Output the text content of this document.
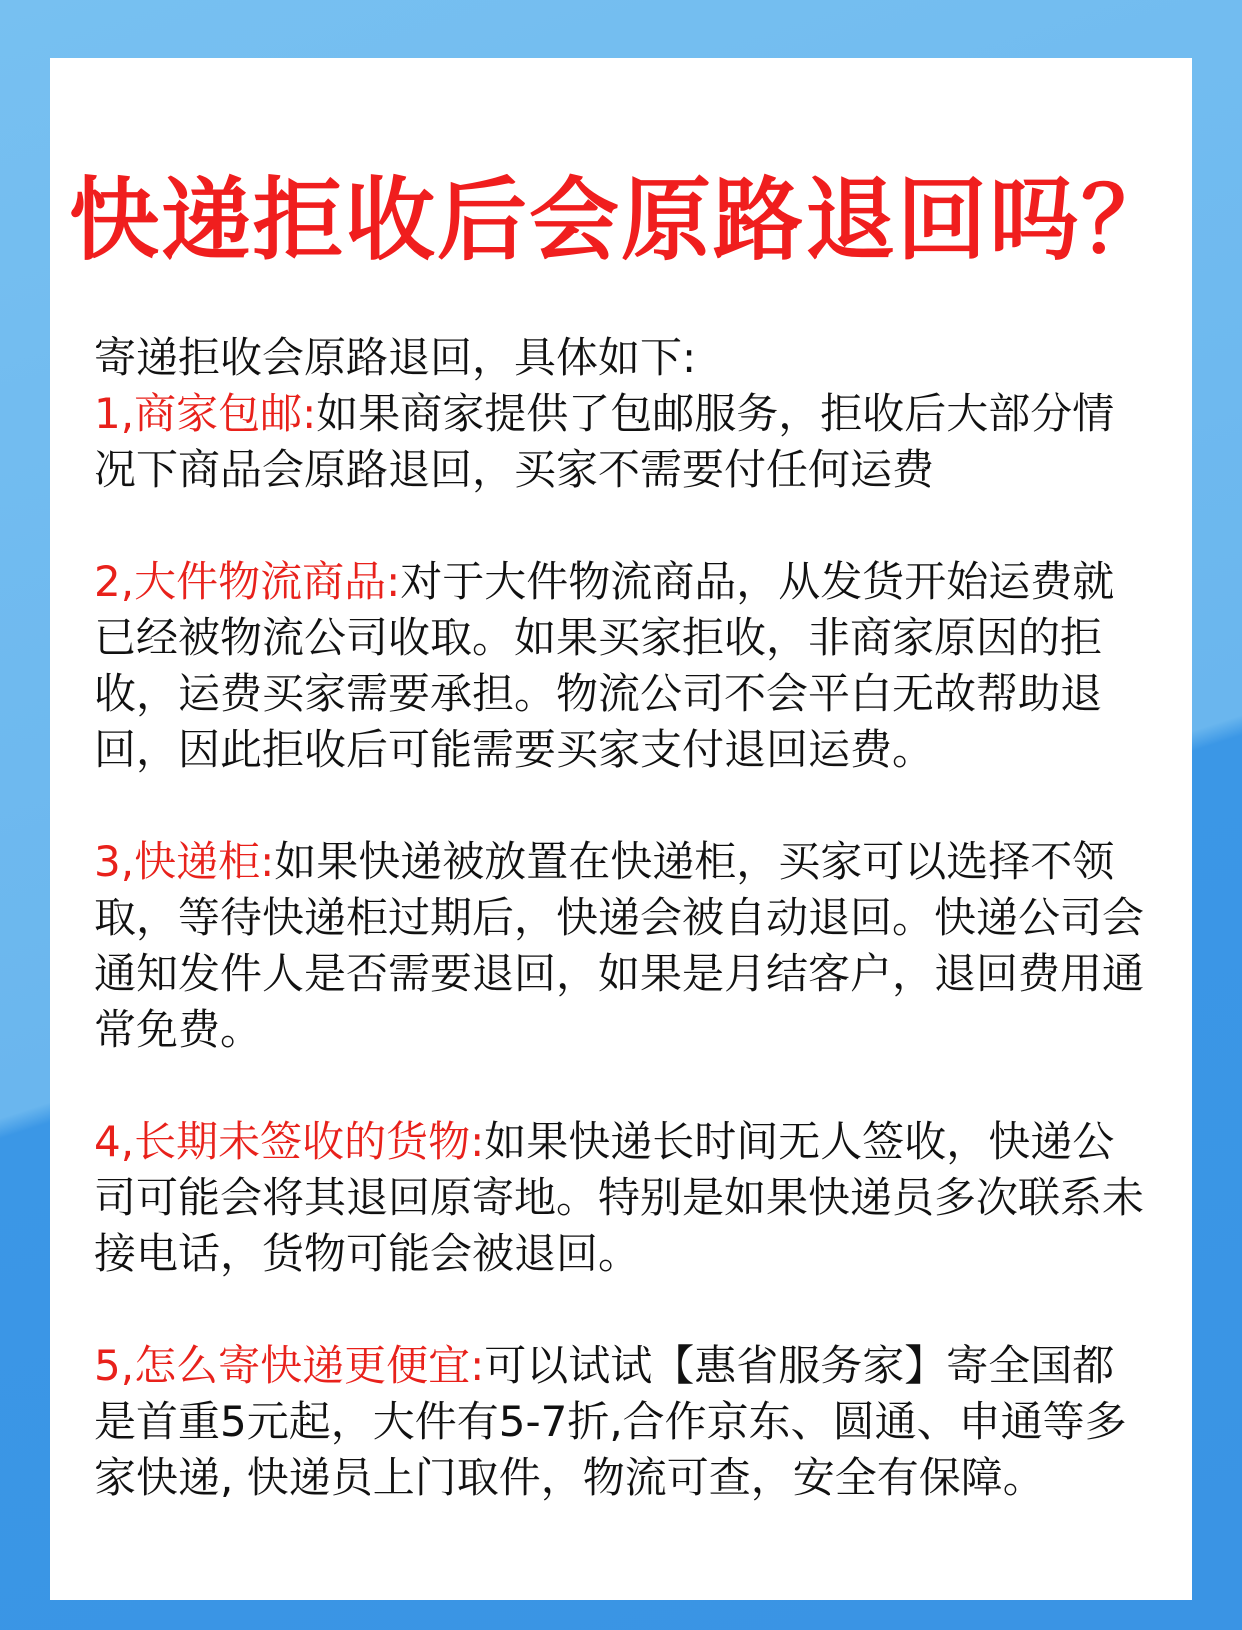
快递拒收后会原路退回吗？
寄递拒收会原路退回，具体如下:
1,商家包邮:如果商家提供了包邮服务，拒收后大部分情况下商品会原路退回，买家不需要付任何运费
2,大件物流商品:对于大件物流商品，从发货开始运费就已经被物流公司收取。如果买家拒收，非商家原因的拒收，运费买家需要承担。物流公司不会平白无故帮助退回，因此拒收后可能需要买家支付退回运费。
3,快递柜:如果快递被放置在快递柜，买家可以选择不领取，等待快递柜过期后，快递会被自动退回。快递公司会通知发件人是否需要退回，如果是月结客户，退回费用通常免费。
4,长期未签收的货物:如果快递长时间无人签收，快递公司可能会将其退回原寄地。特别是如果快递员多次联系未接电话，货物可能会被退回。
5,怎么寄快递更便宜:可以试试【惠省服务家】寄全国都是首重5元起，大件有5-7折,合作京东、圆通、申通等多家快递, 快递员上门取件，物流可查，安全有保障。
